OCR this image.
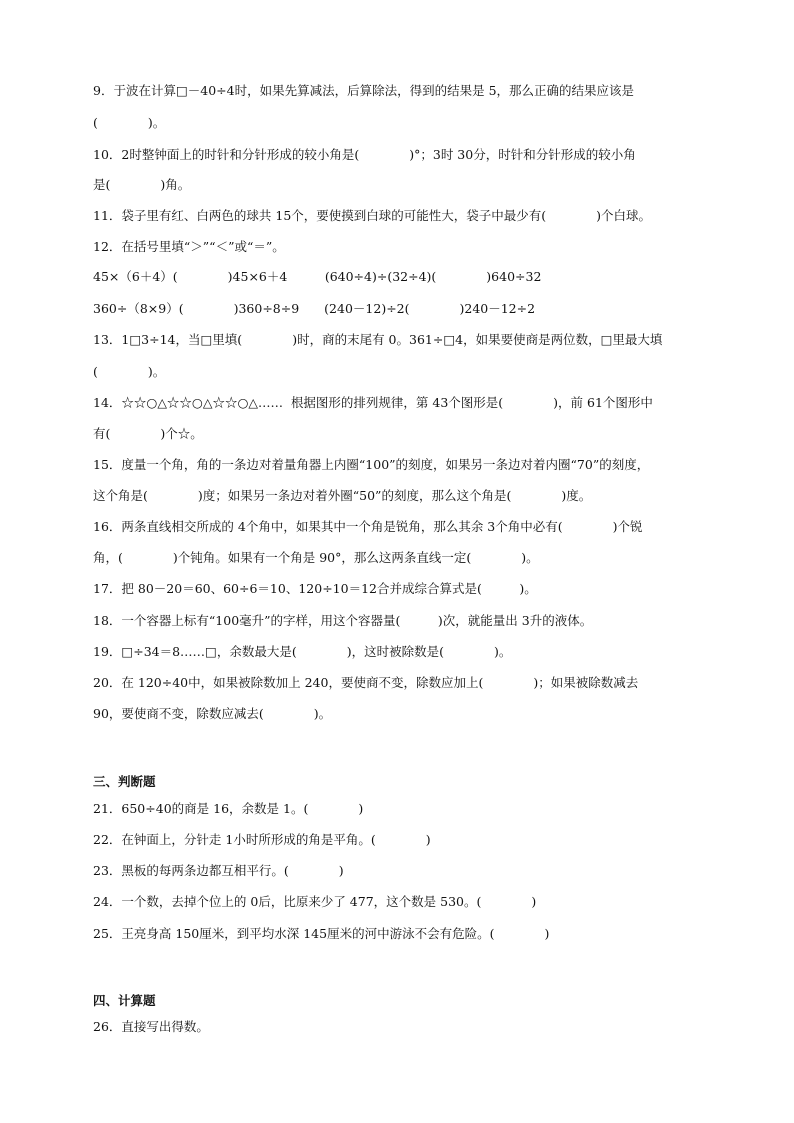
9．于波在计算□－40÷4时，如果先算减法，后算除法，得到的结果是 5，那么正确的结果应该是
(　　　　)。
10．2时整钟面上的时针和分针形成的较小角是(　　　　)°；3时 30分，时针和分针形成的较小角
是(　　　　)角。
11．袋子里有红、白两色的球共 15个，要使摸到白球的可能性大，袋子中最少有(　　　　)个白球。
12．在括号里填“＞”“＜”或“＝”。
45×（6＋4）(　　　　)45×6＋4　　　(640÷4)÷(32÷4)(　　　　)640÷32
360÷（8×9）(　　　　)360÷8÷9　　(240－12)÷2(　　　　)240－12÷2
13．1□3÷14，当□里填(　　　　)时，商的末尾有 0。361÷□4，如果要使商是两位数，□里最大填
(　　　　)。
14．☆☆○△☆☆○△☆☆○△……  根据图形的排列规律，第 43个图形是(　　　　)，前 61个图形中
有(　　　　)个☆。
15．度量一个角，角的一条边对着量角器上内圈“100”的刻度，如果另一条边对着内圈“70”的刻度，
这个角是(　　　　)度；如果另一条边对着外圈“50”的刻度，那么这个角是(　　　　)度。
16．两条直线相交所成的 4个角中，如果其中一个角是锐角，那么其余 3个角中必有(　　　　)个锐
角，(　　　　)个钝角。如果有一个角是 90°，那么这两条直线一定(　　　　)。
17．把 80－20＝60、60÷6＝10、120÷10＝12合并成综合算式是(　　　)。
18．一个容器上标有“100毫升”的字样，用这个容器量(　　　)次，就能量出 3升的液体。
19．□÷34＝8……□，余数最大是(　　　　)，这时被除数是(　　　　)。
20．在 120÷40中，如果被除数加上 240，要使商不变，除数应加上(　　　　)；如果被除数减去
90，要使商不变，除数应减去(　　　　)。
三、判断题
21．650÷40的商是 16，余数是 1。(　　　　)
22．在钟面上，分针走 1小时所形成的角是平角。(　　　　)
23．黑板的每两条边都互相平行。(　　　　)
24．一个数，去掉个位上的 0后，比原来少了 477，这个数是 530。(　　　　)
25．王亮身高 150厘米，到平均水深 145厘米的河中游泳不会有危险。(　　　　)
四、计算题
26．直接写出得数。
